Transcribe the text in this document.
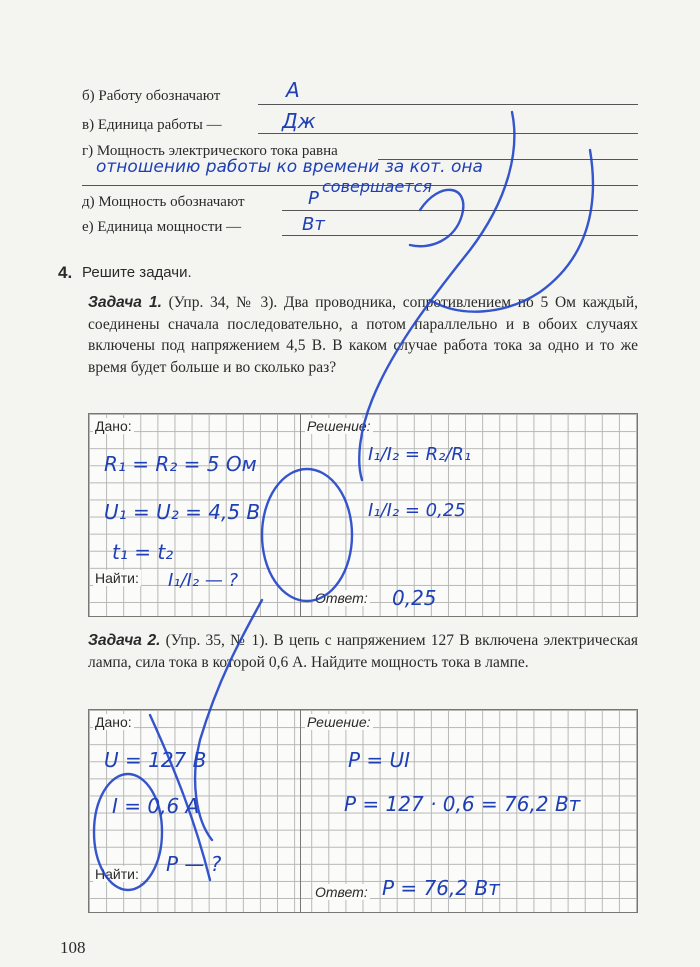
б) Работу обозначают	A
в) Единица работы —	Дж
г) Мощность электрического тока равна
отношению работы ко времени за кот. она
совершается
д) Мощность обозначают	P
е) Единица мощности —	Вт
4. Решите задачи.
Задача 1. (Упр. 34, № 3). Два проводника, сопротивлением по 5 Ом каждый, соединены сначала последовательно, а потом параллельно и в обоих случаях включены под напряжением 4,5 В. В каком случае работа тока за одно и то же время будет больше и во сколько раз?
Дано:	Решение:
Найти:
Ответ:
R₁ = R₂ = 5 Ом
U₁ = U₂ = 4,5 В
t₁ = t₂
I₁/I₂ — ?
I₁/I₂ = R₂/R₁
I₁/I₂ = 0,25
0,25
Задача 2. (Упр. 35, № 1). В цепь с напряжением 127 В включена электрическая лампа, сила тока в которой 0,6 А. Найдите мощность тока в лампе.
Дано:	Решение:
Найти:
Ответ:
U = 127 В
I = 0,6 А
P — ?
P = UI
P = 127 · 0,6 = 76,2 Вт
P = 76,2 Вт
108
